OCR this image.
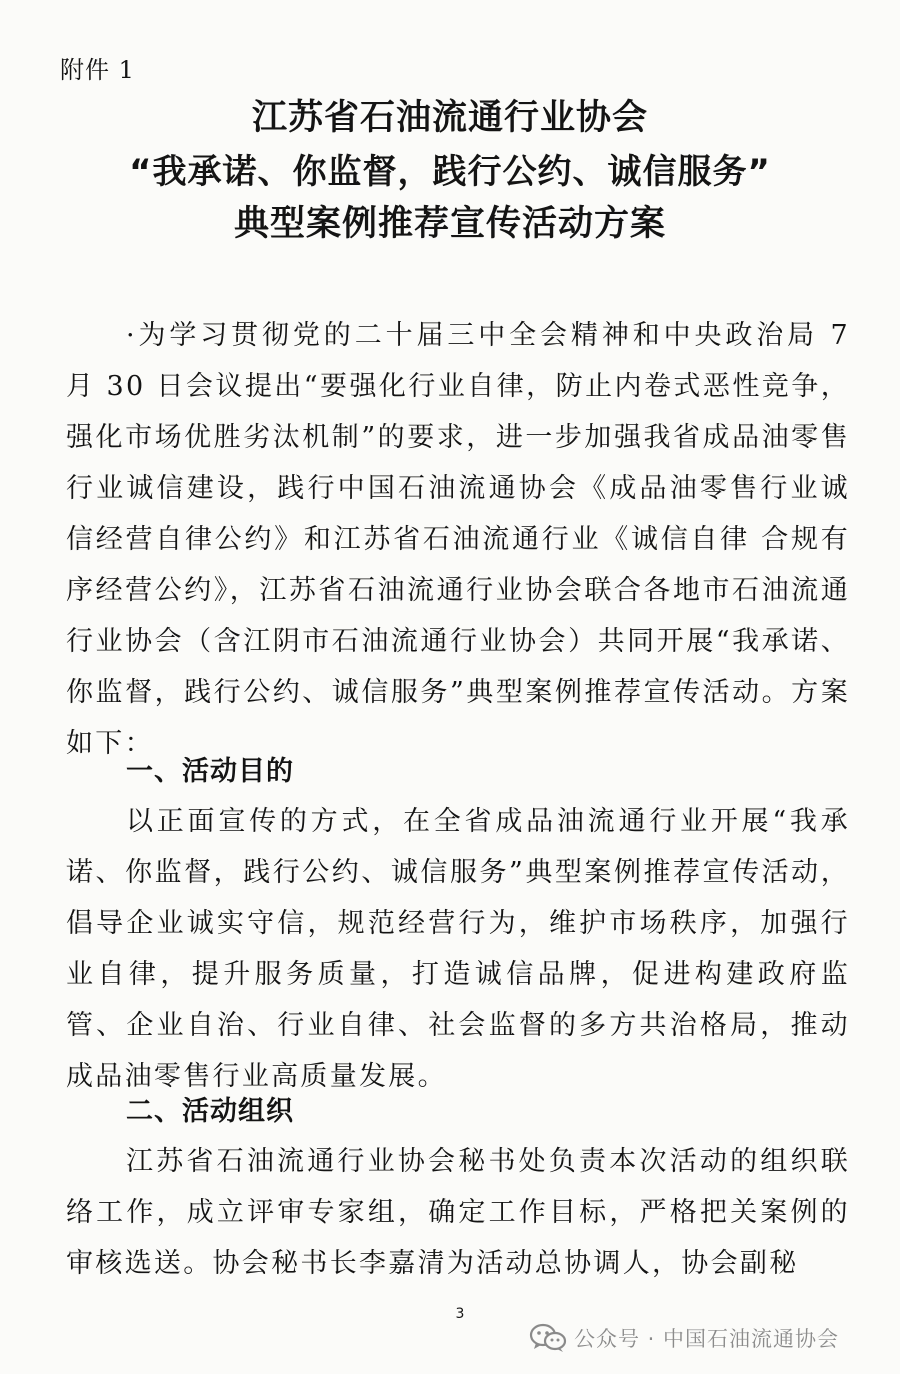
附件 1
江苏省石油流通行业协会
“我承诺、你监督，践行公约、诚信服务”
典型案例推荐宣传活动方案
·为学习贯彻党的二十届三中全会精神和中央政治局 7 月 30 日会议提出“要强化行业自律，防止内卷式恶性竞争，强化市场优胜劣汰机制”的要求，进一步加强我省成品油零售行业诚信建设，践行中国石油流通协会《成品油零售行业诚信经营自律公约》和江苏省石油流通行业《诚信自律 合规有序经营公约》，江苏省石油流通行业协会联合各地市石油流通行业协会（含江阴市石油流通行业协会）共同开展“我承诺、你监督，践行公约、诚信服务”典型案例推荐宣传活动。方案如下：
一、活动目的
以正面宣传的方式，在全省成品油流通行业开展“我承诺、你监督，践行公约、诚信服务”典型案例推荐宣传活动，倡导企业诚实守信，规范经营行为，维护市场秩序，加强行业自律，提升服务质量，打造诚信品牌，促进构建政府监管、企业自治、行业自律、社会监督的多方共治格局，推动成品油零售行业高质量发展。
二、活动组织
江苏省石油流通行业协会秘书处负责本次活动的组织联络工作，成立评审专家组，确定工作目标，严格把关案例的审核选送。协会秘书长李嘉清为活动总协调人，协会副秘
3
公众号 · 中国石油流通协会
